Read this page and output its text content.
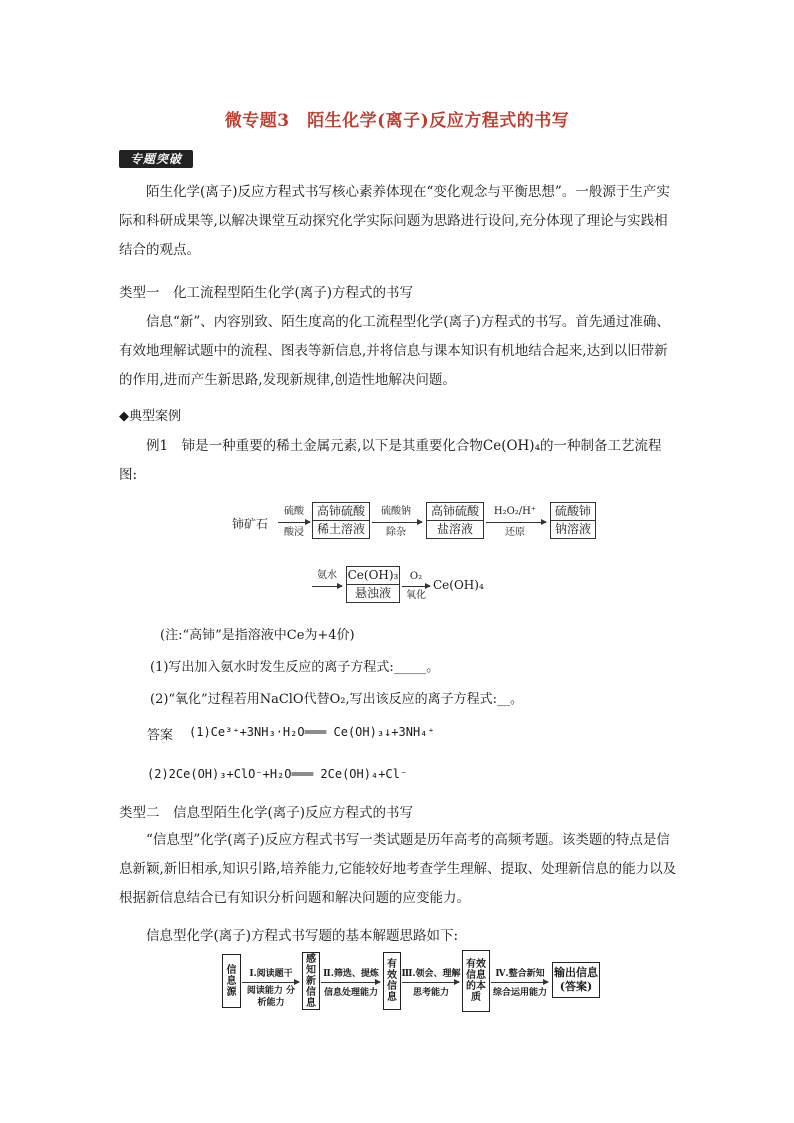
微专题3　陌生化学(离子)反应方程式的书写
专题突破
陌生化学(离子)反应方程式书写核心素养体现在“变化观念与平衡思想”。一般源于生产实际和科研成果等,以解决课堂互动探究化学实际问题为思路进行设问,充分体现了理论与实践相结合的观点。
类型一　化工流程型陌生化学(离子)方程式的书写
信息“新”、内容别致、陌生度高的化工流程型化学(离子)方程式的书写。首先通过准确、有效地理解试题中的流程、图表等新信息,并将信息与课本知识有机地结合起来,达到以旧带新的作用,进而产生新思路,发现新规律,创造性地解决问题。
◆典型案例
例1　铈是一种重要的稀土金属元素,以下是其重要化合物Ce(OH)₄的一种制备工艺流程图:
铈矿石
硫酸
酸浸
高铈硫酸
稀土溶液
硫酸钠
除杂
高铈硫酸
盐溶液
H₂O₂/H⁺
还原
硫酸铈
钠溶液
氨水 Ce(OH)₃
悬浊液
O₂
氧化
Ce(OH)₄
(注:“高铈”是指溶液中Ce为+4价)
(1)写出加入氨水时发生反应的离子方程式:_____。
(2)“氧化”过程若用NaClO代替O₂,写出该反应的离子方程式:__。
答案 (1)Ce³⁺+3NH₃·H₂O═══ Ce(OH)₃↓+3NH₄⁺
(2)2Ce(OH)₃+ClO⁻+H₂O═══ 2Ce(OH)₄+Cl⁻
类型二　信息型陌生化学(离子)反应方程式的书写
“信息型”化学(离子)反应方程式书写一类试题是历年高考的高频考题。该类题的特点是信息新颖,新旧相承,知识引路,培养能力,它能较好地考查学生理解、提取、处理新信息的能力以及根据新信息结合已有知识分析问题和解决问题的应变能力。
信息型化学(离子)方程式书写题的基本解题思路如下:
信息源
Ⅰ.阅读题干
阅读能力 分析能力
感知新信息
Ⅱ.筛选、提炼
信息处理能力
有效信息
Ⅲ.领会、理解
思考能力
有效信息的本质
Ⅳ.整合新知
综合运用能力
输出信息 (答案)
